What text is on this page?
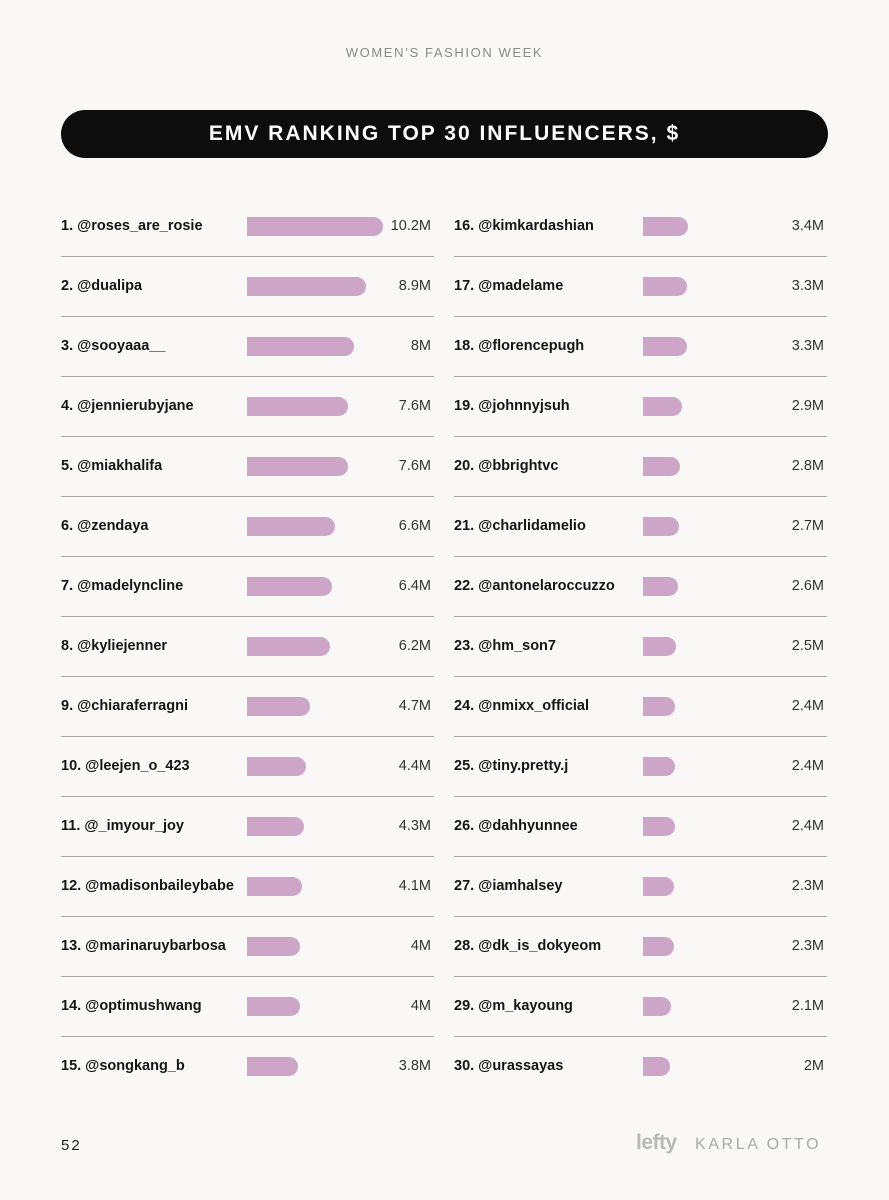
WOMEN’S FASHION WEEK
EMV RANKING TOP 30 INFLUENCERS, $
1. @roses_are_rosie	10.2M
2. @dualipa	8.9M
3. @sooyaaa__	8M
4. @jennierubyjane	7.6M
5. @miakhalifa	7.6M
6. @zendaya	6.6M
7. @madelyncline	6.4M
8. @kyliejenner	6.2M
9. @chiaraferragni	4.7M
10. @leejen_o_423	4.4M
11. @_imyour_joy	4.3M
12. @madisonbaileybabe	4.1M
13. @marinaruybarbosa	4M
14. @optimushwang	4M
15. @songkang_b	3.8M
16. @kimkardashian	3.4M
17. @madelame	3.3M
18. @florencepugh	3.3M
19. @johnnyjsuh	2.9M
20. @bbrightvc	2.8M
21. @charlidamelio	2.7M
22. @antonelaroccuzzo	2.6M
23. @hm_son7	2.5M
24. @nmixx_official	2.4M
25. @tiny.pretty.j	2.4M
26. @dahhyunnee	2.4M
27. @iamhalsey	2.3M
28. @dk_is_dokyeom	2.3M
29. @m_kayoung	2.1M
30. @urassayas	2M
52	lefty KARLA OTTO
